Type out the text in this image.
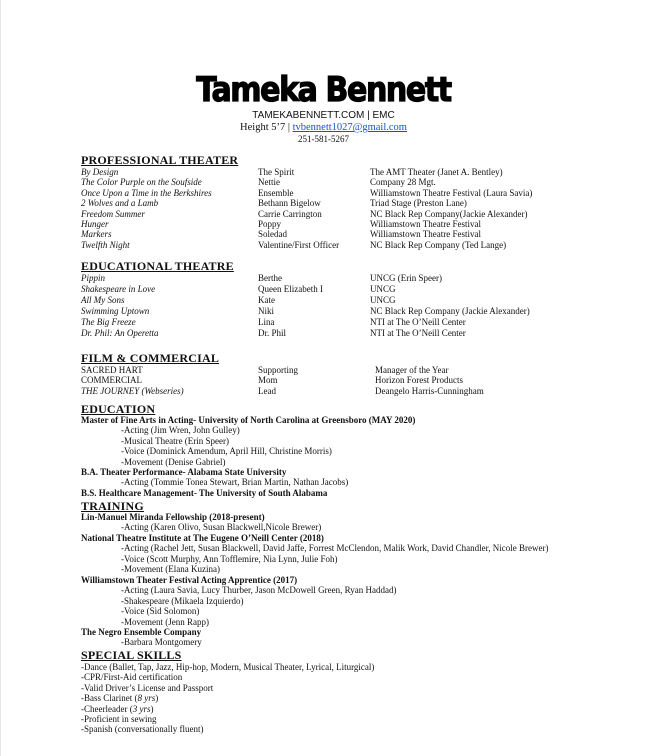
Tameka Bennett
TAMEKABENNETT.COM | EMC
Height 5’7 | tvbennett1027@gmail.com
251-581-5267
PROFESSIONAL THEATER
By Design	The Spirit	The AMT Theater (Janet A. Bentley)
The Color Purple on the Soufside	Nettie	Company 28 Mgt.
Once Upon a Time in the Berkshires	Ensemble	Williamstown Theatre Festival (Laura Savia)
2 Wolves and a Lamb	Bethann Bigelow	Triad Stage (Preston Lane)
Freedom Summer	Carrie Carrington	NC Black Rep Company(Jackie Alexander)
Hunger	Poppy	Williamstown Theatre Festival
Markers	Soledad	Williamstown Theatre Festival
Twelfth Night	Valentine/First Officer	NC Black Rep Company (Ted Lange)
EDUCATIONAL THEATRE
Pippin	Berthe	UNCG (Erin Speer)
Shakespeare in Love	Queen Elizabeth I	UNCG
All My Sons	Kate	UNCG
Swimming Uptown	Niki	NC Black Rep Company (Jackie Alexander)
The Big Freeze	Lina	NTI at The O’Neill Center
Dr. Phil: An Operetta	Dr. Phil	NTI at The O’Neill Center
FILM & COMMERCIAL
SACRED HART	Supporting	Manager of the Year
COMMERCIAL	Mom	Horizon Forest Products
THE JOURNEY (Webseries)	Lead	Deangelo Harris-Cunningham
EDUCATION
Master of Fine Arts in Acting- University of North Carolina at Greensboro (MAY 2020)
-Acting (Jim Wren, John Gulley)
-Musical Theatre (Erin Speer)
-Voice (Dominick Amendum, April Hill, Christine Morris)
-Movement (Denise Gabriel)
B.A. Theater Performance- Alabama State University
-Acting (Tommie Tonea Stewart, Brian Martin, Nathan Jacobs)
B.S. Healthcare Management- The University of South Alabama
TRAINING
Lin-Manuel Miranda Fellowship (2018-present)
-Acting (Karen Olivo, Susan Blackwell,Nicole Brewer)
National Theatre Institute at The Eugene O’Neill Center (2018)
-Acting (Rachel Jett, Susan Blackwell, David Jaffe, Forrest McClendon, Malik Work, David Chandler, Nicole Brewer)
-Voice (Scott Murphy, Ann Tofflemire, Nia Lynn, Julie Foh)
-Movement (Elana Kuzina)
Williamstown Theater Festival Acting Apprentice (2017)
-Acting (Laura Savia, Lucy Thurber, Jason McDowell Green, Ryan Haddad)
-Shakespeare (Mikaela Izquierdo)
-Voice (Sid Solomon)
-Movement (Jenn Rapp)
The Negro Ensemble Company
-Barbara Montgomery
SPECIAL SKILLS
-Dance (Ballet, Tap, Jazz, Hip-hop, Modern, Musical Theater, Lyrical, Liturgical)
-CPR/First-Aid certification
-Valid Driver’s License and Passport
-Bass Clarinet (8 yrs)
-Cheerleader (3 yrs)
-Proficient in sewing
-Spanish (conversationally fluent)
